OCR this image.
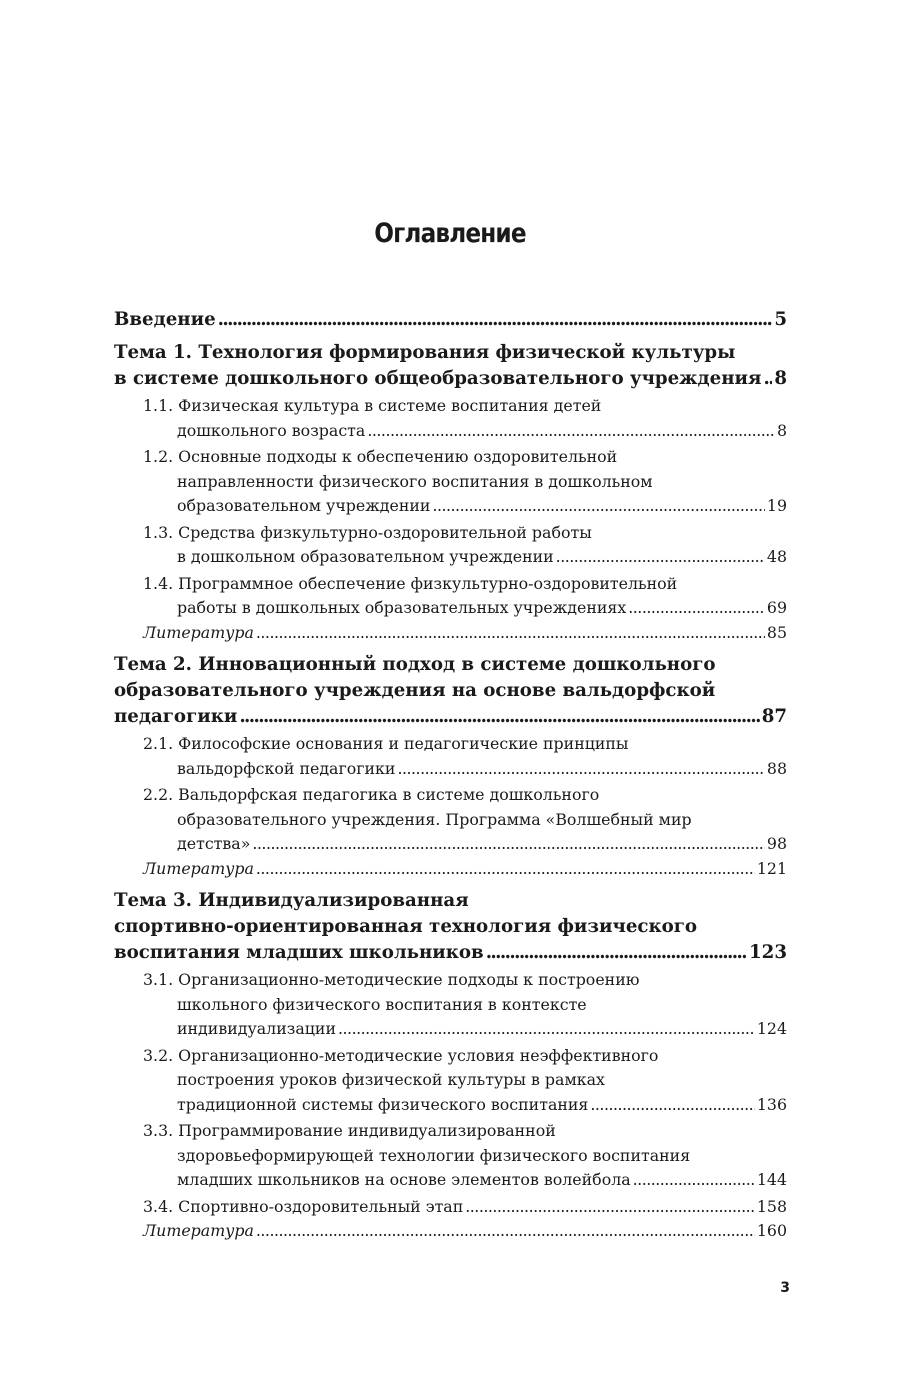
Оглавление
Введение .....	5
Тема 1. Технология формирования физической культуры
в системе дошкольного общеобразовательного учреждения ..... 8
1.1. Физическая культура в системе воспитания детей
дошкольного возраста .....	8
1.2. Основные подходы к обеспечению оздоровительной
направленности физического воспитания в дошкольном
образовательном учреждении .....	19
1.3. Средства физкультурно-оздоровительной работы
в дошкольном образовательном учреждении .....	48
1.4. Программное обеспечение физкультурно-оздоровительной
работы в дошкольных образовательных учреждениях .....	69
Литература .....	85
Тема 2. Инновационный подход в системе дошкольного
образовательного учреждения на основе вальдорфской
педагогики .....	87
2.1. Философские основания и педагогические принципы
вальдорфской педагогики .....	88
2.2. Вальдорфская педагогика в системе дошкольного
образовательного учреждения. Программа «Волшебный мир
детства» .....	98
Литература .....	121
Тема 3. Индивидуализированная
спортивно-ориентированная технология физического
воспитания младших школьников .....	123
3.1. Организационно-методические подходы к построению
школьного физического воспитания в контексте
индивидуализации .....	124
3.2. Организационно-методические условия неэффективного
построения уроков физической культуры в рамках
традиционной системы физического воспитания .....	136
3.3. Программирование индивидуализированной
здоровьеформирующей технологии физического воспитания
младших школьников на основе элементов волейбола .....	144
3.4. Спортивно-оздоровительный этап .....	158
Литература .....	160
3
